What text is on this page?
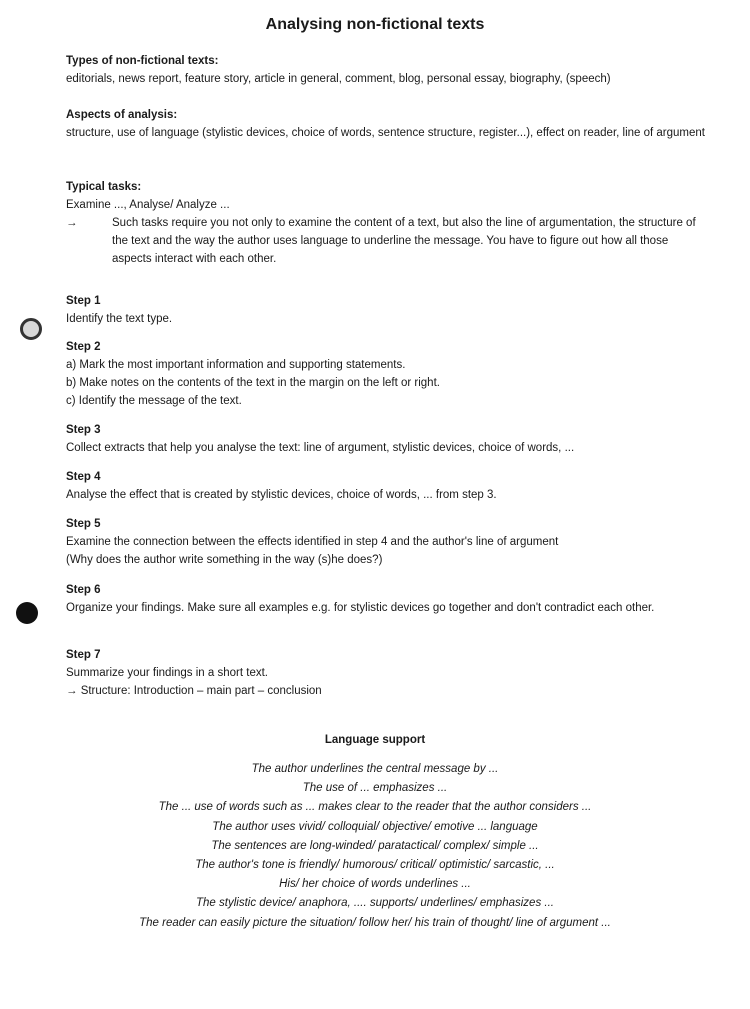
Analysing non-fictional texts
Types of non-fictional texts:
editorials, news report, feature story, article in general, comment, blog, personal essay, biography, (speech)
Aspects of analysis:
structure, use of language (stylistic devices, choice of words, sentence structure, register...), effect on reader, line of argument
Typical tasks:
Examine ..., Analyse/ Analyze ...
→	Such tasks require you not only to examine the content of a text, but also the line of argumentation, the structure of the text and the way the author uses language to underline the message. You have to figure out how all those aspects interact with each other.
Step 1
Identify the text type.
Step 2
a) Mark the most important information and supporting statements.
b) Make notes on the contents of the text in the margin on the left or right.
c) Identify the message of the text.
Step 3
Collect extracts that help you analyse the text: line of argument, stylistic devices, choice of words, ...
Step 4
Analyse the effect that is created by stylistic devices, choice of words, ... from step 3.
Step 5
Examine the connection between the effects identified in step 4 and the author's line of argument
(Why does the author write something in the way (s)he does?)
Step 6
Organize your findings. Make sure all examples e.g. for stylistic devices go together and don't contradict each other.
Step 7
Summarize your findings in a short text.
→ Structure: Introduction – main part – conclusion
Language support
The author underlines the central message by ...
The use of ... emphasizes ...
The ... use of words such as ... makes clear to the reader that the author considers ...
The author uses vivid/ colloquial/ objective/ emotive ... language
The sentences are long-winded/ paratactical/ complex/ simple ...
The author's tone is friendly/ humorous/ critical/ optimistic/ sarcastic, ...
His/ her choice of words underlines ...
The stylistic device/ anaphora, .... supports/ underlines/ emphasizes ...
The reader can easily picture the situation/ follow her/ his train of thought/ line of argument ...
